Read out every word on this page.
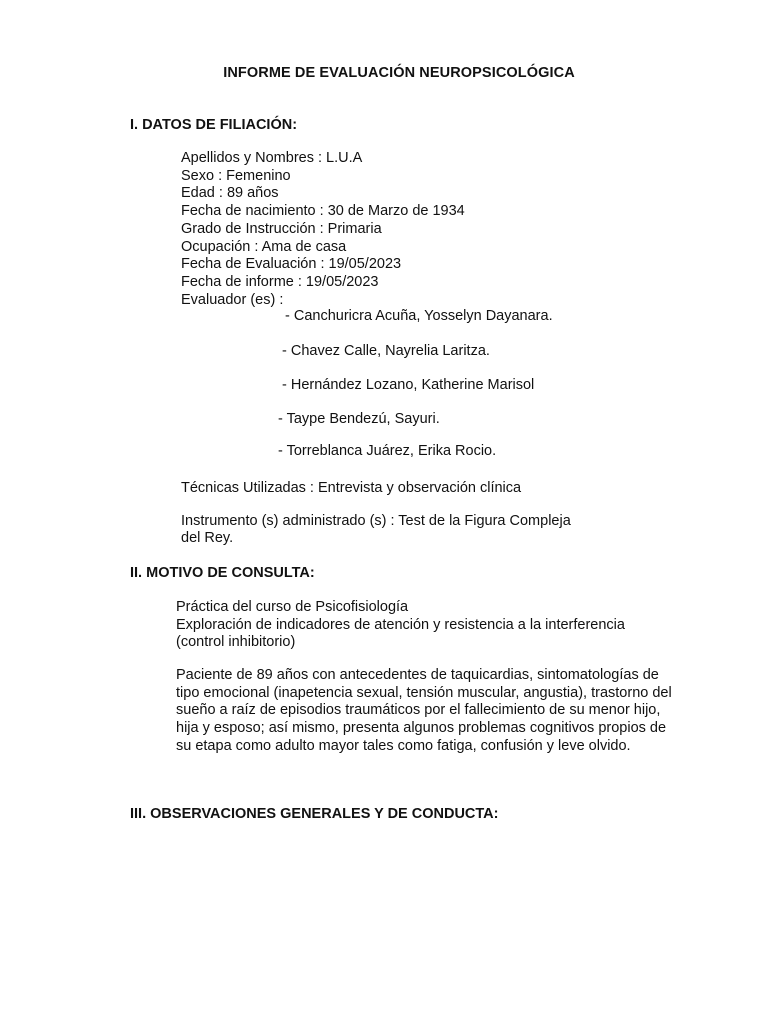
INFORME DE EVALUACIÓN NEUROPSICOLÓGICA
I. DATOS DE FILIACIÓN:
Apellidos y Nombres : L.U.A
Sexo : Femenino
Edad : 89 años
Fecha de nacimiento : 30 de Marzo de 1934
Grado de Instrucción : Primaria
Ocupación : Ama de casa
Fecha de Evaluación : 19/05/2023
Fecha de informe : 19/05/2023
Evaluador (es) :
- Canchuricra Acuña, Yosselyn Dayanara.
- Chavez Calle, Nayrelia Laritza.
- Hernández Lozano, Katherine Marisol
- Taype Bendezú, Sayuri.
- Torreblanca Juárez, Erika Rocio.
Técnicas Utilizadas : Entrevista y observación clínica
Instrumento (s) administrado (s) : Test de la Figura Compleja
del Rey.
II. MOTIVO DE CONSULTA:
Práctica del curso de Psicofisiología
Exploración de indicadores de atención y resistencia a la interferencia
(control inhibitorio)
Paciente de 89 años con antecedentes de taquicardias, sintomatologías de
tipo emocional (inapetencia sexual, tensión muscular, angustia), trastorno del
sueño a raíz de episodios traumáticos por el fallecimiento de su menor hijo,
hija y esposo; así mismo, presenta algunos problemas cognitivos propios de
su etapa como adulto mayor tales como fatiga, confusión y leve olvido.
III. OBSERVACIONES GENERALES Y DE CONDUCTA:
